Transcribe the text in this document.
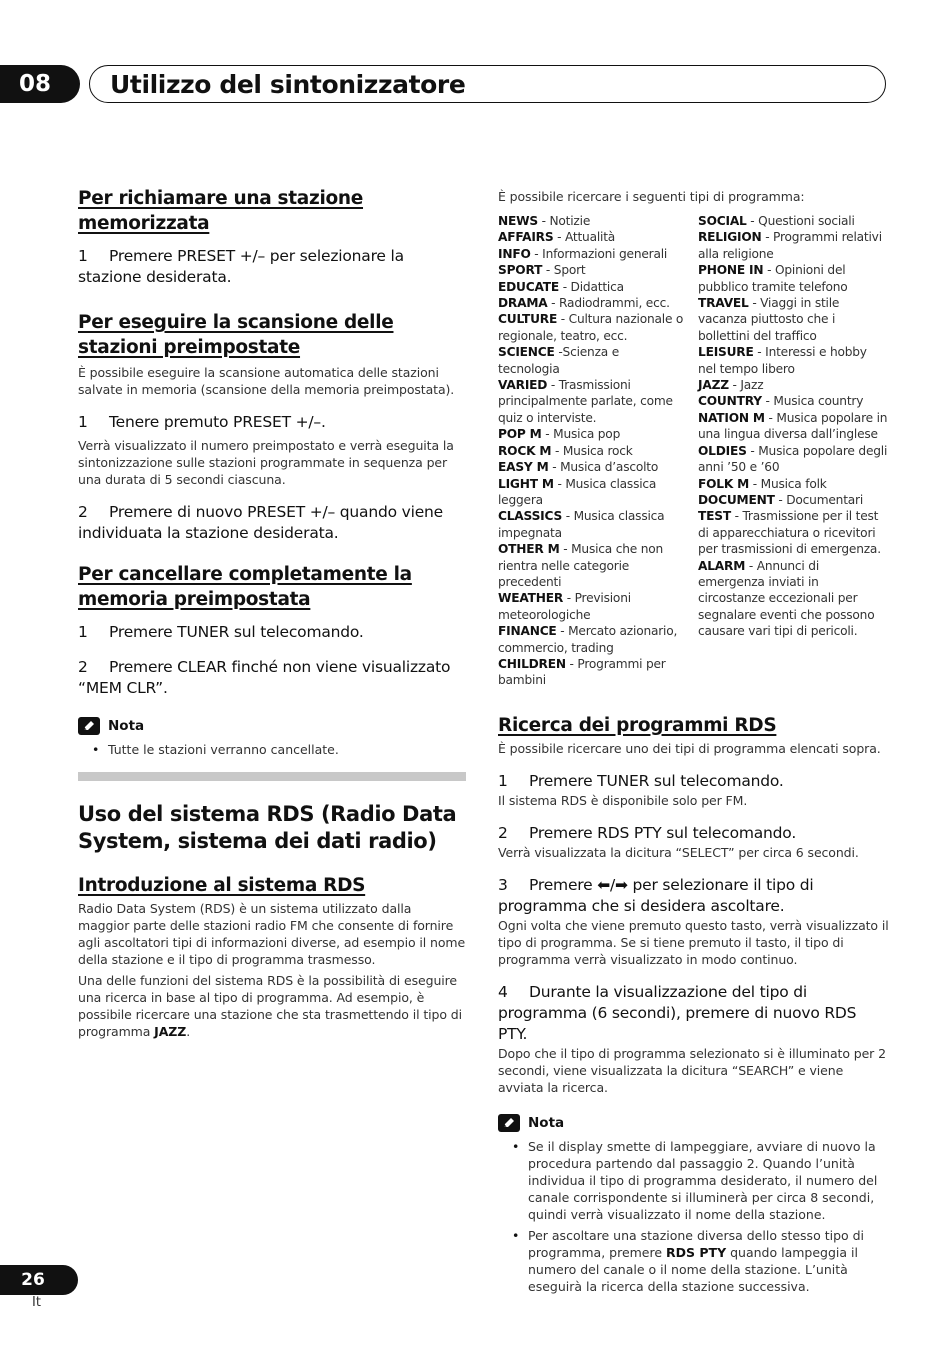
08 Utilizzo del sintonizzatore
Per richiamare una stazione memorizzata

1 Premere PRESET +/– per selezionare la stazione desiderata.

Per eseguire la scansione delle stazioni preimpostate

È possibile eseguire la scansione automatica delle stazioni salvate in memoria (scansione della memoria preimpostata).

1 Tenere premuto PRESET +/–.

Verrà visualizzato il numero preimpostato e verrà eseguita la sintonizzazione sulle stazioni programmate in sequenza per una durata di 5 secondi ciascuna.

2 Premere di nuovo PRESET +/– quando viene individuata la stazione desiderata.

Per cancellare completamente la memoria preimpostata

1 Premere TUNER sul telecomando.

2 Premere CLEAR finché non viene visualizzato “MEM CLR”.

Nota
• Tutte le stazioni verranno cancellate.
Uso del sistema RDS (Radio Data System, sistema dei dati radio)
Introduzione al sistema RDS

Radio Data System (RDS) è un sistema utilizzato dalla maggior parte delle stazioni radio FM che consente di fornire agli ascoltatori tipi di informazioni diverse, ad esempio il nome della stazione e il tipo di programma trasmesso.

Una delle funzioni del sistema RDS è la possibilità di eseguire una ricerca in base al tipo di programma. Ad esempio, è possibile ricercare una stazione che sta trasmettendo il tipo di programma JAZZ.

È possibile ricercare i seguenti tipi di programma:

NEWS - Notizie

AFFAIRS - Attualità

INFO - Informazioni generali

SPORT - Sport

EDUCATE - Didattica

DRAMA - Radiodrammi, ecc.

CULTURE - Cultura nazionale o regionale, teatro, ecc.

SCIENCE -Scienza e tecnologia

VARIED - Trasmissioni principalmente parlate, come quiz o interviste.

POP M - Musica pop

ROCK M - Musica rock

EASY M - Musica d’ascolto

LIGHT M - Musica classica leggera

CLASSICS - Musica classica impegnata

OTHER M - Musica che non rientra nelle categorie precedenti

WEATHER - Previsioni meteorologiche

FINANCE - Mercato azionario, commercio, trading

CHILDREN - Programmi per bambini

SOCIAL - Questioni sociali

RELIGION - Programmi relativi alla religione

PHONE IN - Opinioni del pubblico tramite telefono

TRAVEL - Viaggi in stile vacanza piuttosto che i bollettini del traffico

LEISURE - Interessi e hobby nel tempo libero

JAZZ - Jazz

COUNTRY - Musica country

NATION M - Musica popolare in una lingua diversa dall’inglese

OLDIES - Musica popolare degli anni ’50 e ’60

FOLK M - Musica folk

DOCUMENT - Documentari

TEST - Trasmissione per il test di apparecchiatura o ricevitori per trasmissioni di emergenza.

ALARM - Annunci di emergenza inviati in circostanze eccezionali per segnalare eventi che possono causare vari tipi di pericoli.

Ricerca dei programmi RDS

È possibile ricercare uno dei tipi di programma elencati sopra.

1 Premere TUNER sul telecomando.

Il sistema RDS è disponibile solo per FM.

2 Premere RDS PTY sul telecomando.

Verrà visualizzata la dicitura “SELECT” per circa 6 secondi.

3 Premere ⬅/➡ per selezionare il tipo di programma che si desidera ascoltare.

Ogni volta che viene premuto questo tasto, verrà visualizzato il tipo di programma. Se si tiene premuto il tasto, il tipo di programma verrà visualizzato in modo continuo.

4 Durante la visualizzazione del tipo di programma (6 secondi), premere di nuovo RDS PTY.

Dopo che il tipo di programma selezionato si è illuminato per 2 secondi, viene visualizzata la dicitura “SEARCH” e viene avviata la ricerca.

Nota
• Se il display smette di lampeggiare, avviare di nuovo la procedura partendo dal passaggio 2. Quando l’unità individua il tipo di programma desiderato, il numero del canale corrispondente si illuminerà per circa 8 secondi, quindi verrà visualizzato il nome della stazione.
• Per ascoltare una stazione diversa dello stesso tipo di programma, premere RDS PTY quando lampeggia il numero del canale o il nome della stazione. L’unità eseguirà la ricerca della stazione successiva.
26
It
